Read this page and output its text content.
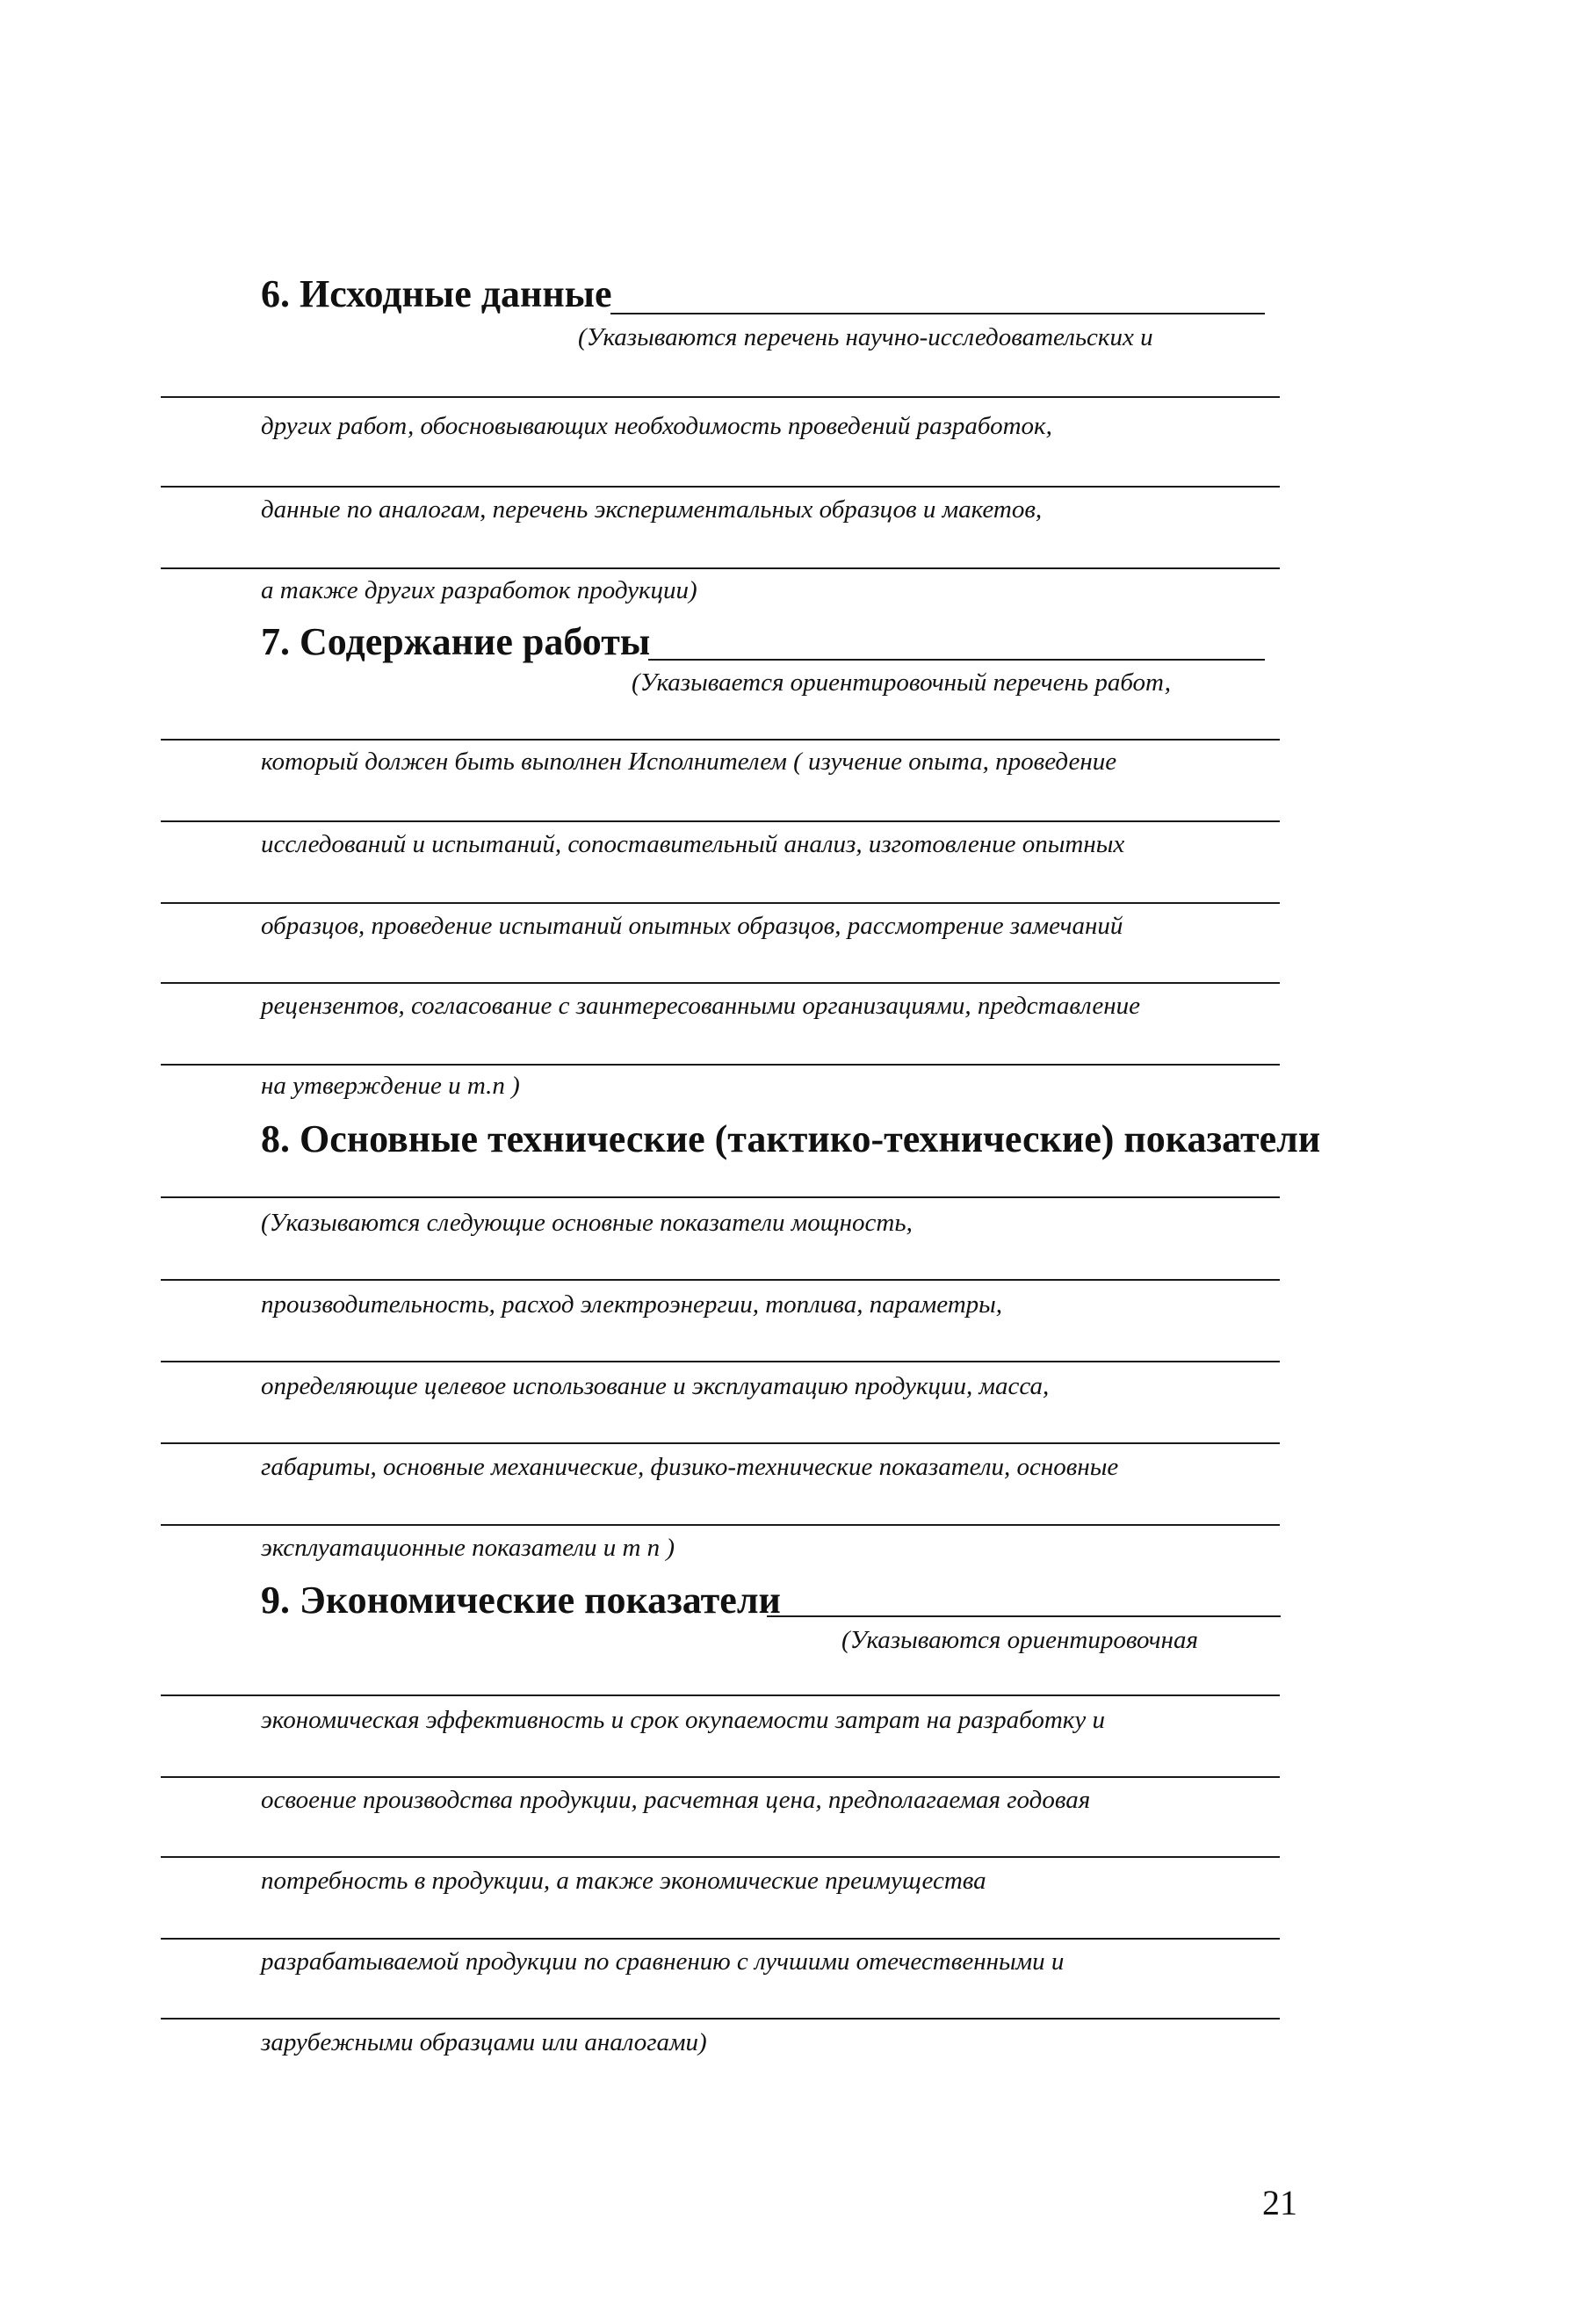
6. Исходные данные

(Указываются перечень научно-исследовательских и

других работ, обосновывающих необходимость проведений разработок,

данные по аналогам, перечень экспериментальных образцов и макетов,

а также других разработок продукции)

7. Содержание работы

(Указывается ориентировочный перечень работ,

который должен быть выполнен Исполнителем ( изучение опыта, проведение

исследований и испытаний, сопоставительный анализ, изготовление опытных

образцов, проведение испытаний опытных образцов, рассмотрение замечаний

рецензентов, согласование с заинтересованными организациями, представление

на утверждение и т.п )

8. Основные технические (тактико-технические) показатели

(Указываются следующие основные показатели мощность,

производительность, расход электроэнергии, топлива, параметры,

определяющие целевое использование и эксплуатацию продукции, масса,

габариты, основные механические, физико-технические показатели, основные

эксплуатационные показатели и т п )

9. Экономические показатели

(Указываются ориентировочная

экономическая эффективность и срок окупаемости затрат на разработку и

освоение производства продукции, расчетная цена, предполагаемая годовая

потребность в продукции, а также экономические преимущества

разрабатываемой продукции по сравнению с лучшими отечественными и

зарубежными образцами или аналогами)

21
